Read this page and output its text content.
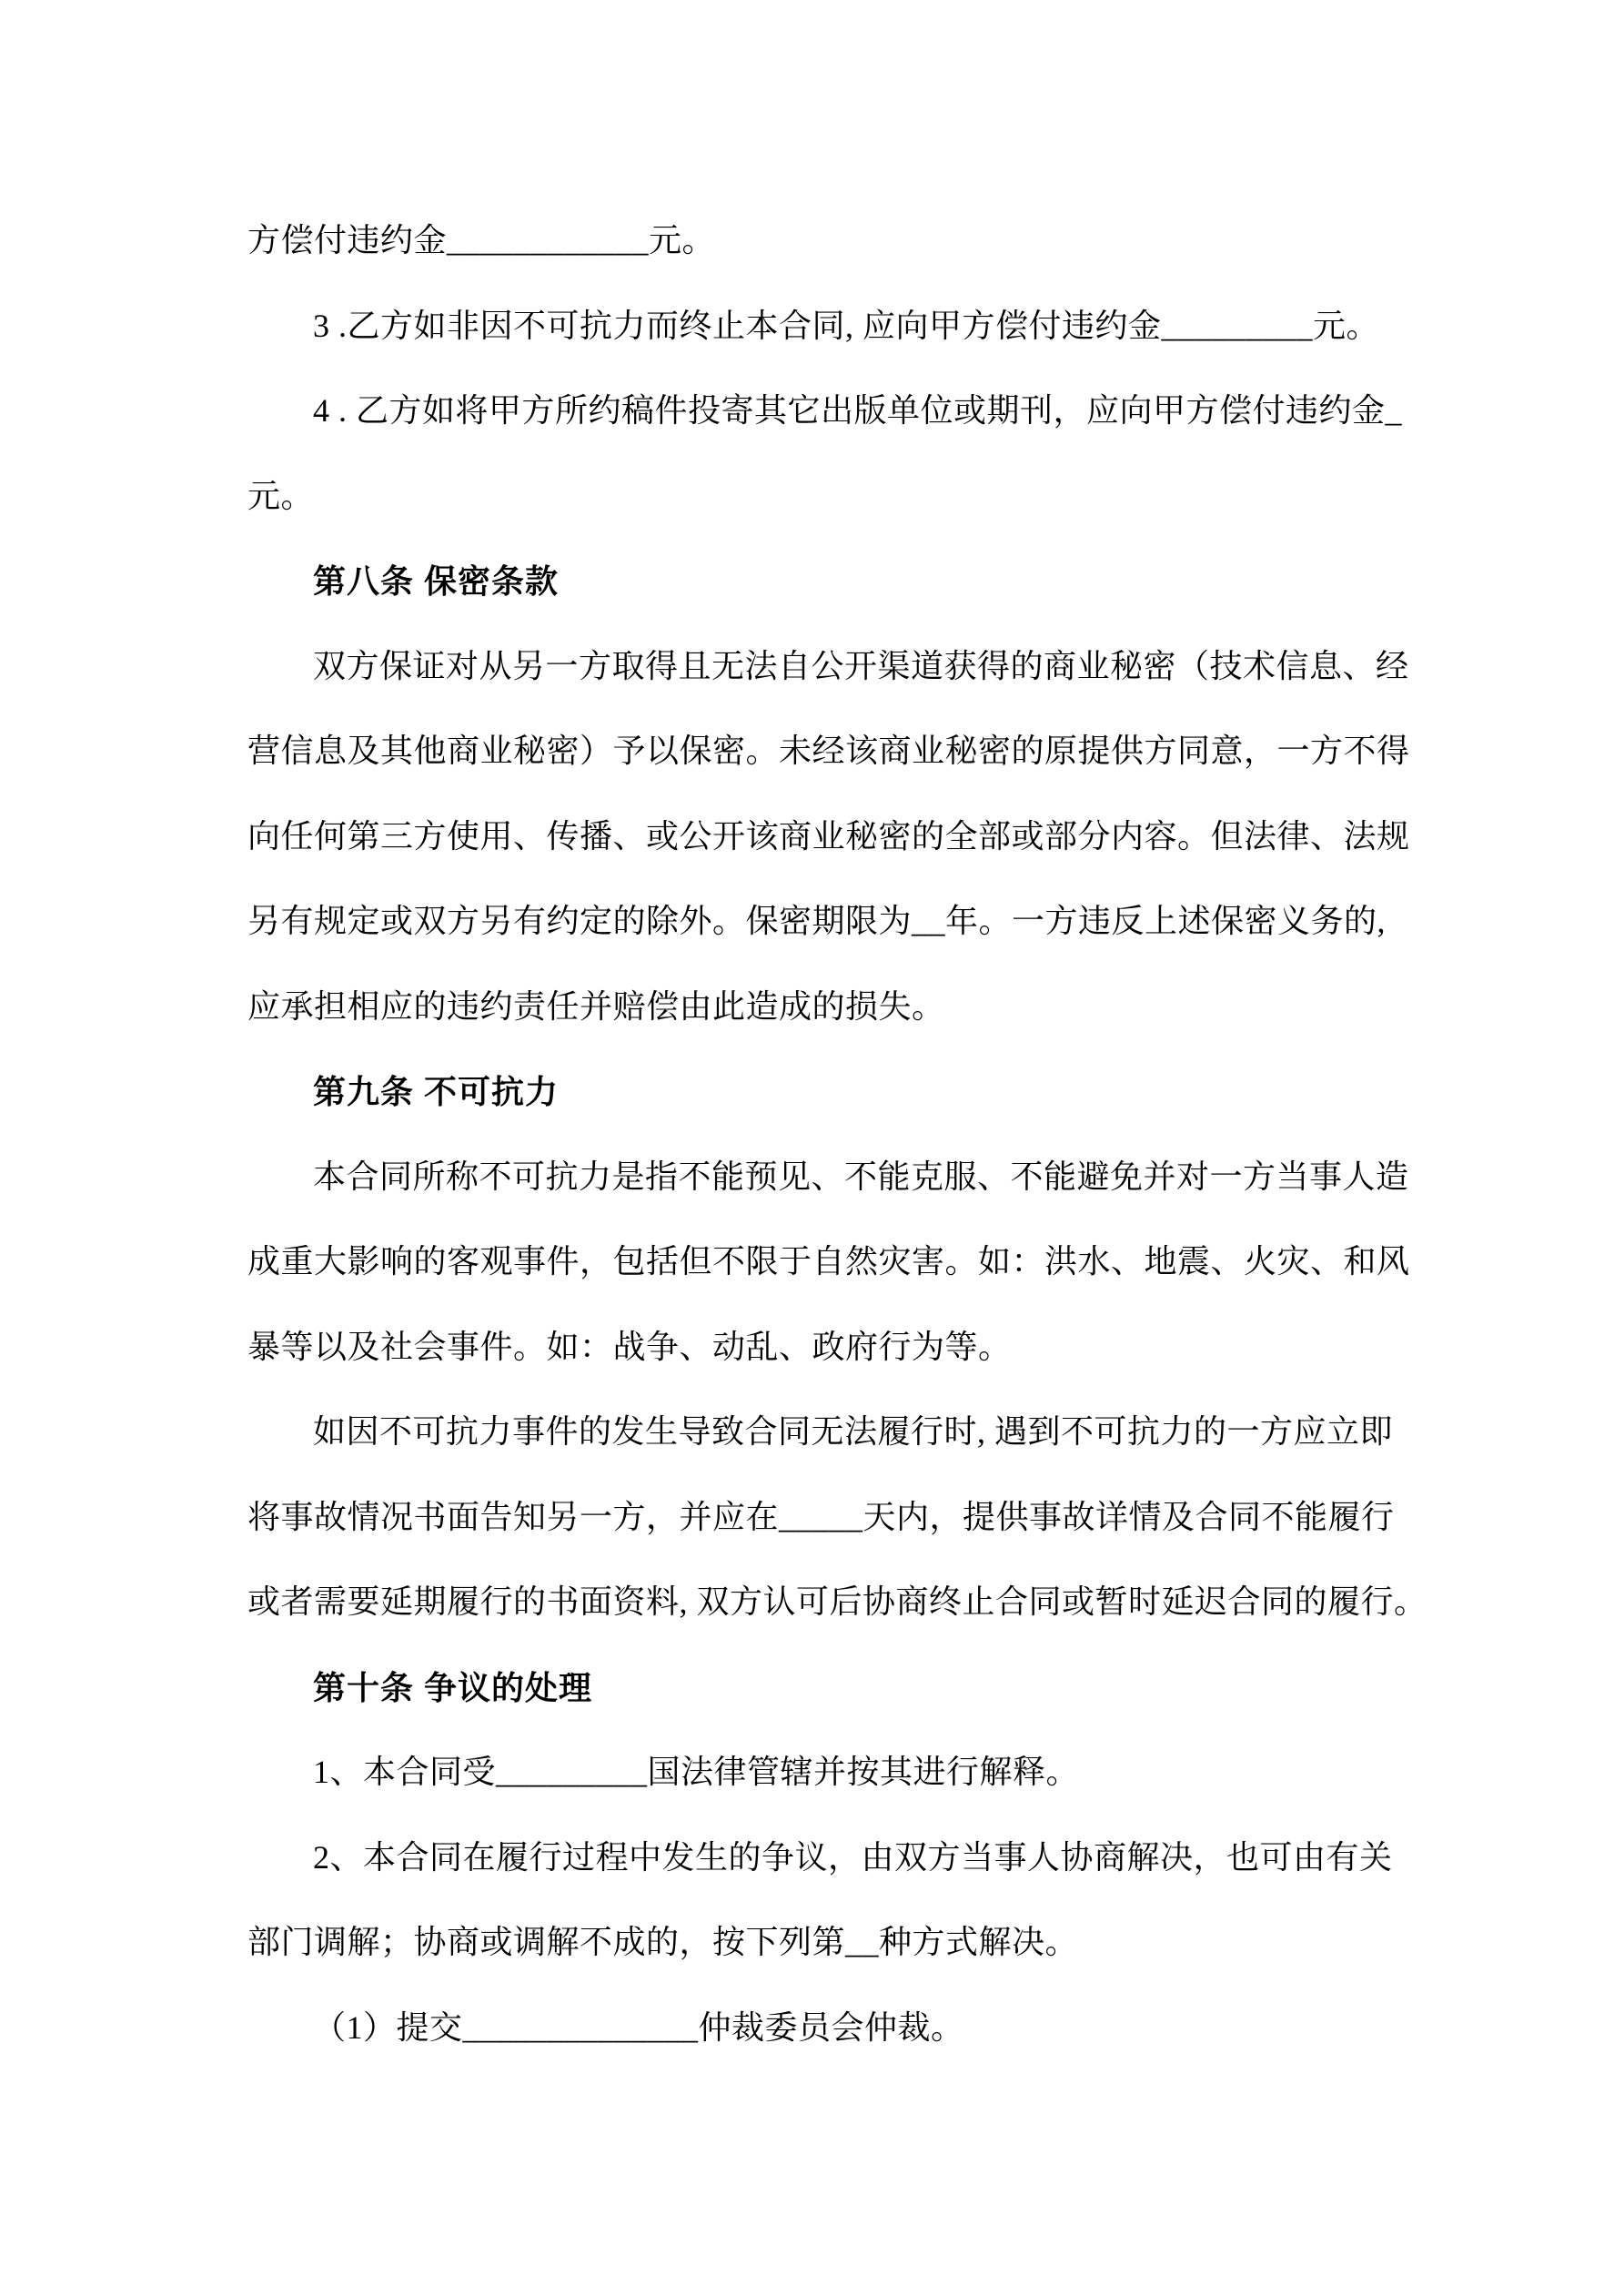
方偿付违约金____________元。
3 .乙方如非因不可抗力而终止本合同, 应向甲方偿付违约金_________元。
4 . 乙方如将甲方所约稿件投寄其它出版单位或期刊，应向甲方偿付违约金_
元。
第八条 保密条款
双方保证对从另一方取得且无法自公开渠道获得的商业秘密（技术信息、经
营信息及其他商业秘密）予以保密。未经该商业秘密的原提供方同意，一方不得
向任何第三方使用、传播、或公开该商业秘密的全部或部分内容。但法律、法规
另有规定或双方另有约定的除外。保密期限为__年。一方违反上述保密义务的,
应承担相应的违约责任并赔偿由此造成的损失。
第九条 不可抗力
本合同所称不可抗力是指不能预见、不能克服、不能避免并对一方当事人造
成重大影响的客观事件，包括但不限于自然灾害。如：洪水、地震、火灾、和风
暴等以及社会事件。如：战争、动乱、政府行为等。
如因不可抗力事件的发生导致合同无法履行时, 遇到不可抗力的一方应立即
将事故情况书面告知另一方，并应在_____天内，提供事故详情及合同不能履行
或者需要延期履行的书面资料, 双方认可后协商终止合同或暂时延迟合同的履行。
第十条 争议的处理
1、本合同受_________国法律管辖并按其进行解释。
2、本合同在履行过程中发生的争议，由双方当事人协商解决，也可由有关
部门调解；协商或调解不成的，按下列第__种方式解决。
（1）提交______________仲裁委员会仲裁。
